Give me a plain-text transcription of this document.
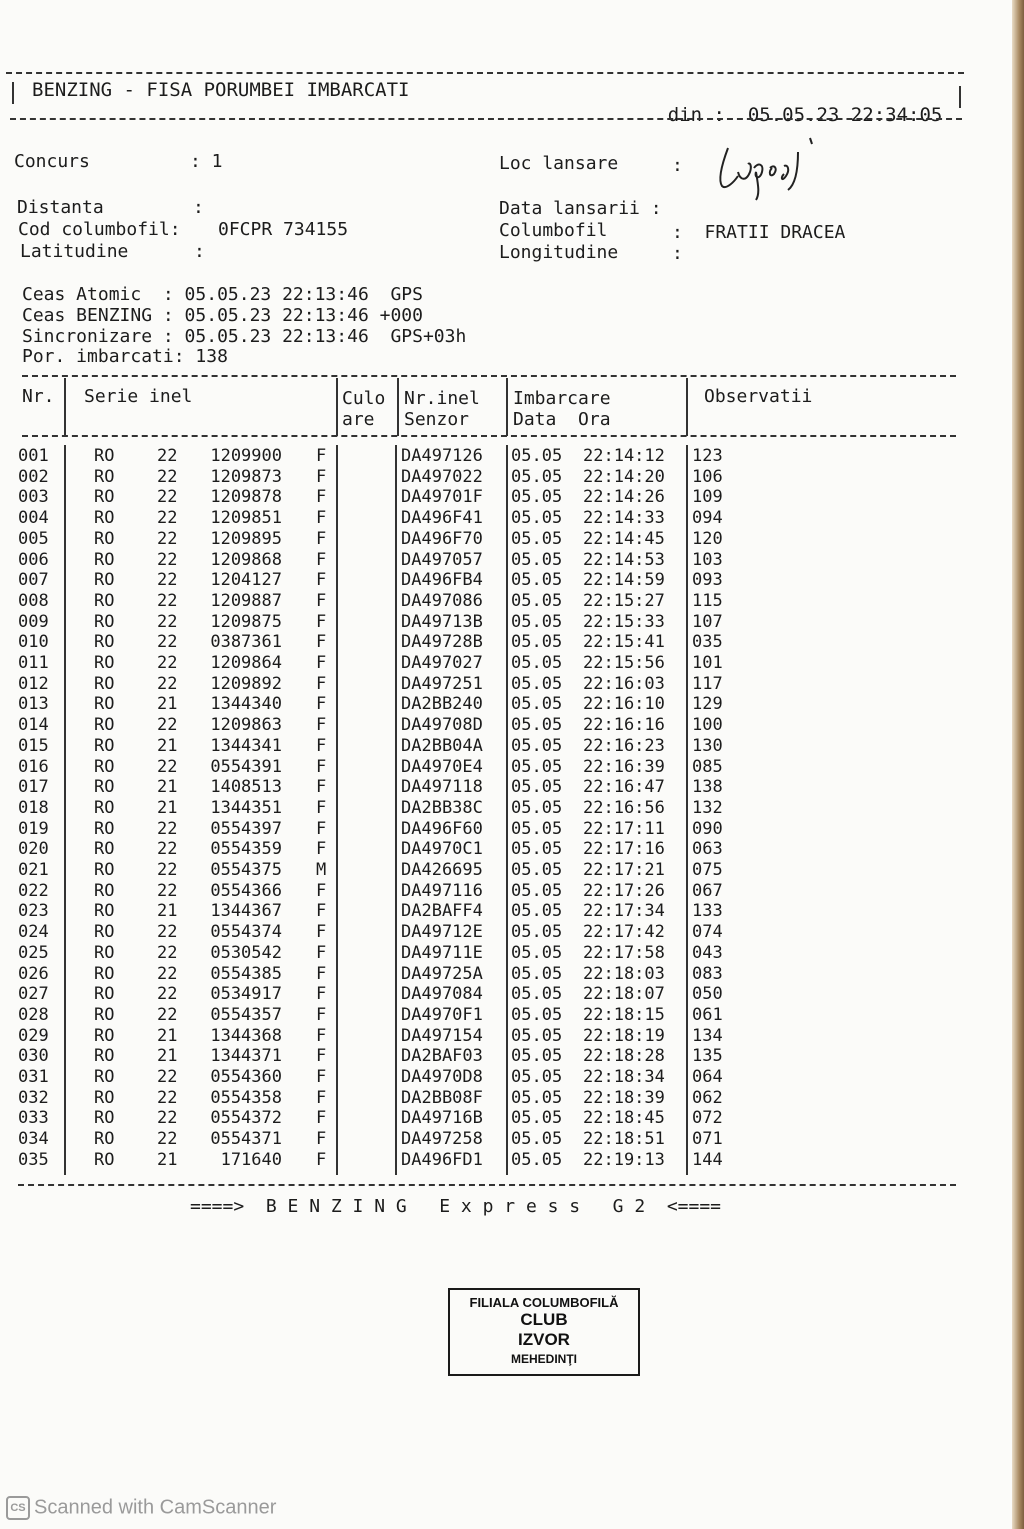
BENZING - FISA PORUMBEI IMBARCATI

din : 05.05.23 22:34:05

Concurs	: 1	Loc lansare	:
Distanta	:	Data lansarii :
Cod columbofil: 0FCPR 734155	Columbofil	:  FRATII DRACEA
Latitudine	:	Longitudine	:
Ceas Atomic  : 05.05.23 22:13:46  GPS
Ceas BENZING : 05.05.23 22:13:46 +000
Sincronizare : 05.05.23 22:13:46  GPS+03h
Por. imbarcati: 138
Nr. Serie inel	Culo
are
Nr.inel
Senzor
Imbarcare
Data  Ora
Observatii
001	RO	22	1209900 F	DA497126 05.05 22:14:12 123
002	RO	22	1209873 F	DA497022 05.05 22:14:20 106
003	RO	22	1209878 F	DA49701F 05.05 22:14:26 109
004	RO	22	1209851 F	DA496F41 05.05 22:14:33 094
005	RO	22	1209895 F	DA496F70 05.05 22:14:45 120
006	RO	22	1209868 F	DA497057 05.05 22:14:53 103
007	RO	22	1204127 F	DA496FB4 05.05 22:14:59 093
008	RO	22	1209887 F	DA497086 05.05 22:15:27 115
009	RO	22	1209875 F	DA49713B 05.05 22:15:33 107
010	RO	22	0387361 F	DA49728B 05.05 22:15:41 035
011	RO	22	1209864 F	DA497027 05.05 22:15:56 101
012	RO	22	1209892 F	DA497251 05.05 22:16:03 117
013	RO	21	1344340 F	DA2BB240 05.05 22:16:10 129
014	RO	22	1209863 F	DA49708D 05.05 22:16:16 100
015	RO	21	1344341 F	DA2BB04A 05.05 22:16:23 130
016	RO	22	0554391 F	DA4970E4 05.05 22:16:39 085
017	RO	21	1408513 F	DA497118 05.05 22:16:47 138
018	RO	21	1344351 F	DA2BB38C 05.05 22:16:56 132
019	RO	22	0554397 F	DA496F60 05.05 22:17:11 090
020	RO	22	0554359 F	DA4970C1 05.05 22:17:16 063
021	RO	22	0554375 M	DA426695 05.05 22:17:21 075
022	RO	22	0554366 F	DA497116 05.05 22:17:26 067
023	RO	21	1344367 F	DA2BAFF4 05.05 22:17:34 133
024	RO	22	0554374 F	DA49712E 05.05 22:17:42 074
025	RO	22	0530542 F	DA49711E 05.05 22:17:58 043
026	RO	22	0554385 F	DA49725A 05.05 22:18:03 083
027	RO	22	0534917 F	DA497084 05.05 22:18:07 050
028	RO	22	0554357 F	DA4970F1 05.05 22:18:15 061
029	RO	21	1344368 F	DA497154 05.05 22:18:19 134
030	RO	21	1344371 F	DA2BAF03 05.05 22:18:28 135
031	RO	22	0554360 F	DA4970D8 05.05 22:18:34 064
032	RO	22	0554358 F	DA2BB08F 05.05 22:18:39 062
033	RO	22	0554372 F	DA49716B 05.05 22:18:45 072
034	RO	22	0554371 F	DA497258 05.05 22:18:51 071
035	RO	21	171640 F	DA496FD1 05.05 22:19:13 144
====>  B E N Z I N G   E x p r e s s   G 2  <====
FILIALA COLUMBOFILĂ
CLUB
IZVOR
MEHEDINŢI
CS Scanned with CamScanner
